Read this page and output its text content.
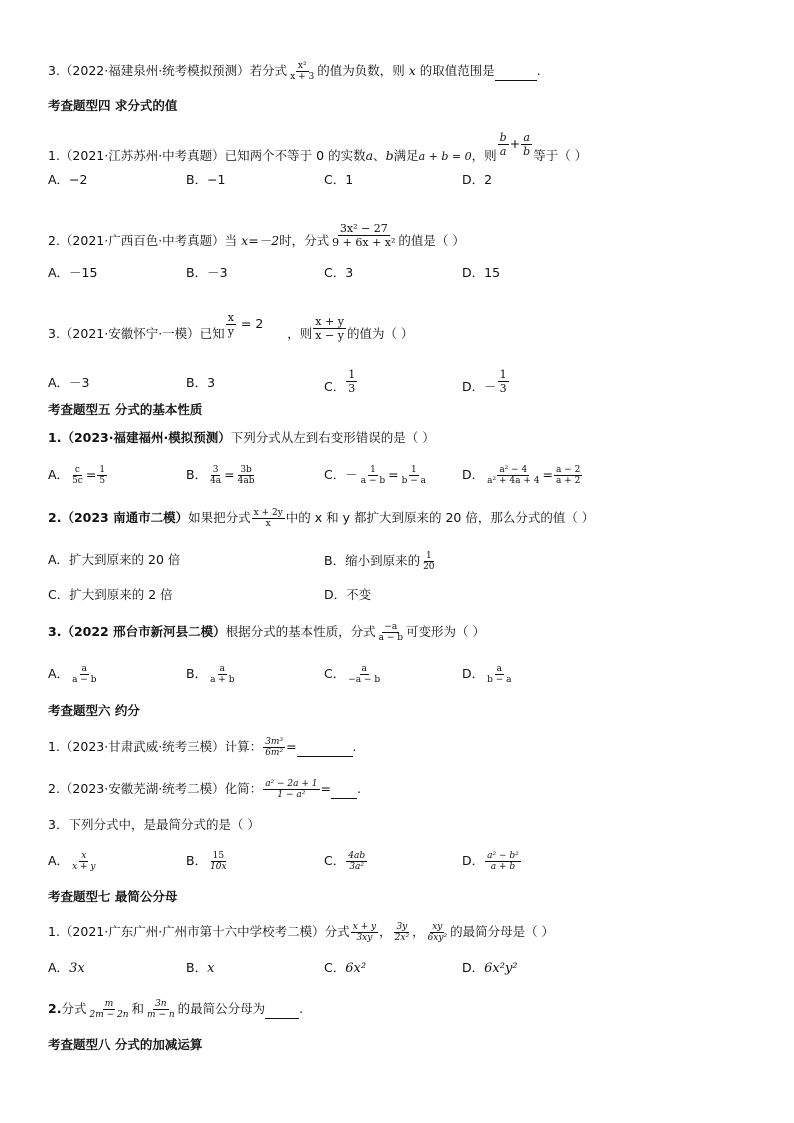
3.（2022·福建泉州·统考模拟预测）若分式 $\frac{\text{x²}}{x + 3}$ 的值为负数，则 x 的取值范围是	.
考查题型四 求分式的值
1.（2021·江苏苏州·中考真题）已知两个不等于 0 的实数a、b满足a + b = 0，则 $\frac{b}{a} + \frac{a}{b}$ 等于（ ）
A．−2	B．−1	C．1	D．2
2.（2021·广西百色·中考真题）当 x=－2时，分式 $\frac{\text{3x² − 27}}{\text{9 + 6x + x²}}$ 的值是（ ）
A．－15	B．－3	C．3	D．15
3.（2021·安徽怀宁·一模）已知 $\frac{x}{y} = 2$，则 $\frac{x + y}{x - y}$ 的值为（ ）
A．－3	B．3	C． $\frac{1}{3}$	D．－ $\frac{1}{3}$
考查题型五 分式的基本性质
1.（2023·福建福州·模拟预测）下列分式从左到右变形错误的是（ ）
A． $\frac{c}{5c} = \frac{1}{5}$	B． $\frac{3}{4a} = \frac{3b}{4ab}$	C．－ $\frac{1}{a - b} = \frac{1}{b - a}$	D． $\frac{\text{a² − 4}}{\text{a² + 4a + 4}} = \frac{a - 2}{a + 2}$
2.（2023 南通市二模）如果把分式 $\frac{x + 2y}{x}$ 中的 x 和 y 都扩大到原来的 20 倍，那么分式的值（ ）
A．扩大到原来的 20 倍	B．缩小到原来的 $\frac{1}{20}$
C．扩大到原来的 2 倍	D．不变
3.（2022 邢台市新河县二模）根据分式的基本性质，分式 $\frac{-a}{a - b}$ 可变形为（ ）
A． $\frac{a}{a - b}$	B． $\frac{a}{a + b}$	C． $\frac{a}{-a - b}$	D． $\frac{a}{b - a}$
考查题型六 约分
1.（2023·甘肃武威·统考三模）计算： $\frac{\text{3m³}}{\text{6m²}}$ =	.
2.（2023·安徽芜湖·统考二模）化简： $\frac{\text{a² − 2a + 1}}{\text{1 − a²}}$ = .
3．下列分式中，是最简分式的是（ ）
A． $\frac{x}{x + y}$	B． $\frac{15}{10x}$	C． $\frac{4ab}{\text{3a²}}$	D． $\frac{\text{a² − b²}}{a + b}$
考查题型七 最简公分母
1.（2021·广东广州·广州市第十六中学校考二模）分式 $\frac{x + y}{3xy}$ ， $\frac{3y}{\text{2x²}}$ ， $\frac{xy}{\text{6xy²}}$ 的最简分母是（ ）
A．3x	B．x	C．6x²	D．6x²y²
2.分式 $\frac{m}{2m - 2n}$ 和 $\frac{3n}{m - n}$ 的最简公分母为	.
考查题型八 分式的加减运算
